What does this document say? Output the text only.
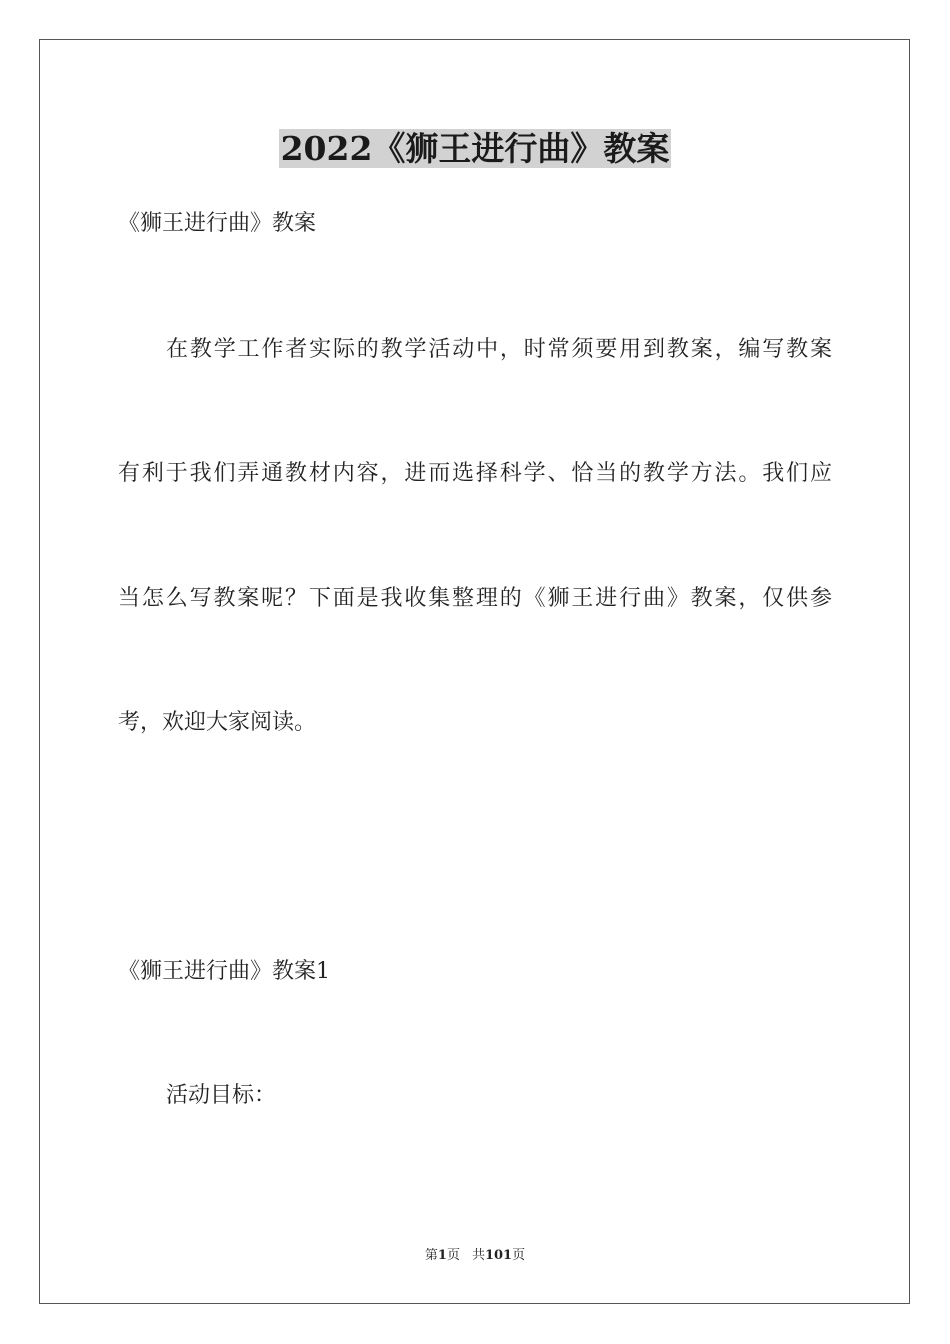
2022《狮王进行曲》教案
《狮王进行曲》教案
在教学工作者实际的教学活动中，时常须要用到教案，编写教案
有利于我们弄通教材内容，进而选择科学、恰当的教学方法。我们应
当怎么写教案呢？下面是我收集整理的《狮王进行曲》教案，仅供参
考，欢迎大家阅读。
《狮王进行曲》教案1
活动目标：
第1页 共101页
